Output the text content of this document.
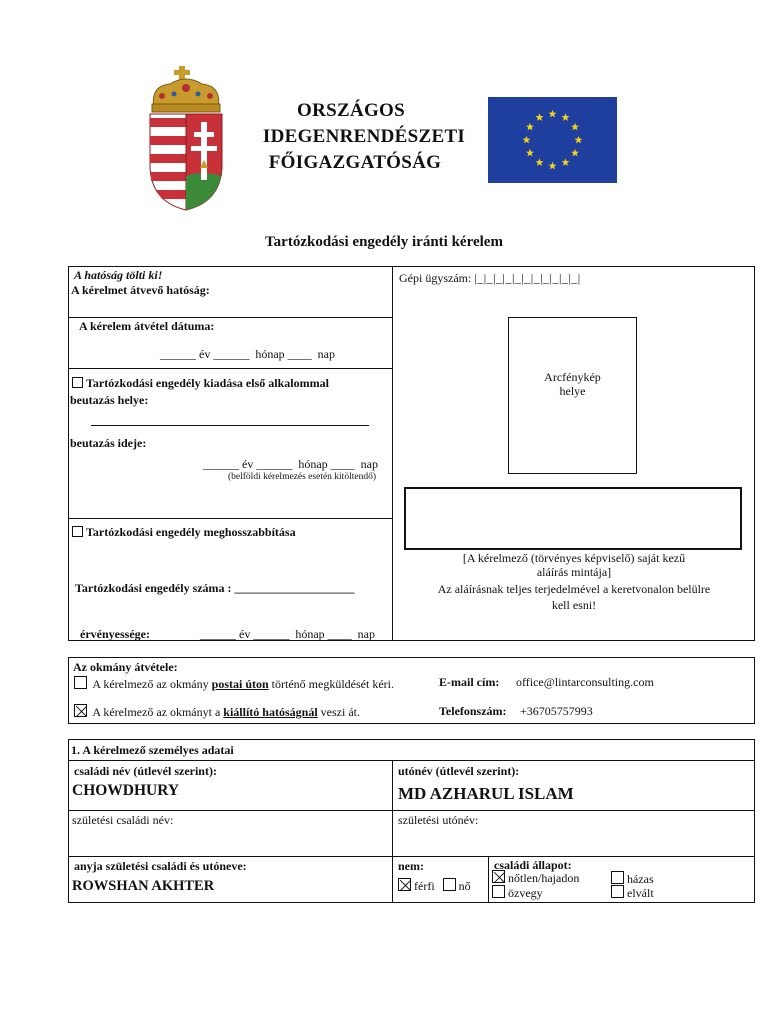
ORSZÁGOS
IDEGENRENDÉSZETI
FŐIGAZGATÓSÁG
Tartózkodási engedély iránti kérelem
A hatóság tölti ki!
A kérelmet átvevő hatóság:
Gépi ügyszám: |_|_|_|_|_|_|_|_|_|_|_|
A kérelem átvétel dátuma:
______ év ______  hónap ____  nap
Tartózkodási engedély kiadása első alkalommal
beutazás helye:
beutazás ideje:
______ év ______  hónap ____  nap
(belföldi kérelmezés esetén kitöltendő)
Tartózkodási engedély meghosszabbítása
Tartózkodási engedély száma : ____________________
érvényessége:	______ év ______  hónap ____  nap
Arcfénykép
helye
[A kérelmező (törvényes képviselő) saját kezű
aláírás mintája]
Az aláírásnak teljes terjedelmével a keretvonalon belülre
kell esni!
Az okmány átvétele:
A kérelmező az okmány postai úton történő megküldését kéri.
A kérelmező az okmányt a kiállító hatóságnál veszi át.
E-mail cím: office@lintarconsulting.com
Telefonszám: +36705757993
1. A kérelmező személyes adatai
családi név (útlevél szerint):
CHOWDHURY
utónév (útlevél szerint):
MD AZHARUL ISLAM
születési családi név:	születési utónév:
anyja születési családi és utóneve:
ROWSHAN AKHTER
nem:
férfi nő
családi állapot:
nőtlen/hajadon
özvegy
házas
elvált
